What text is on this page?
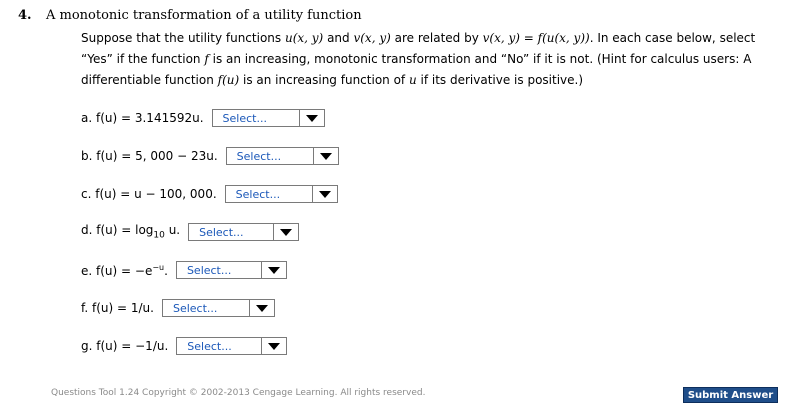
4. A monotonic transformation of a utility function
Suppose that the utility functions u(x, y) and v(x, y) are related by v(x, y) = f(u(x, y)). In each case below, select “Yes” if the function f is an increasing, monotonic transformation and “No” if it is not. (Hint for calculus users: A differentiable function f(u) is an increasing function of u if its derivative is positive.)
a. f(u) = 3.141592u.	Select...
b. f(u) = 5, 000 − 23u.	Select...
c. f(u) = u − 100, 000.	Select...
d. $f(u) = \log_{10} u$.	Select...
e. $f(u) = -e^{-u}$.	Select...
f. f(u) = 1/u.	Select...
g. f(u) = −1/u.	Select...
Questions Tool 1.24 Copyright © 2002-2013 Cengage Learning. All rights reserved.	Submit Answer
